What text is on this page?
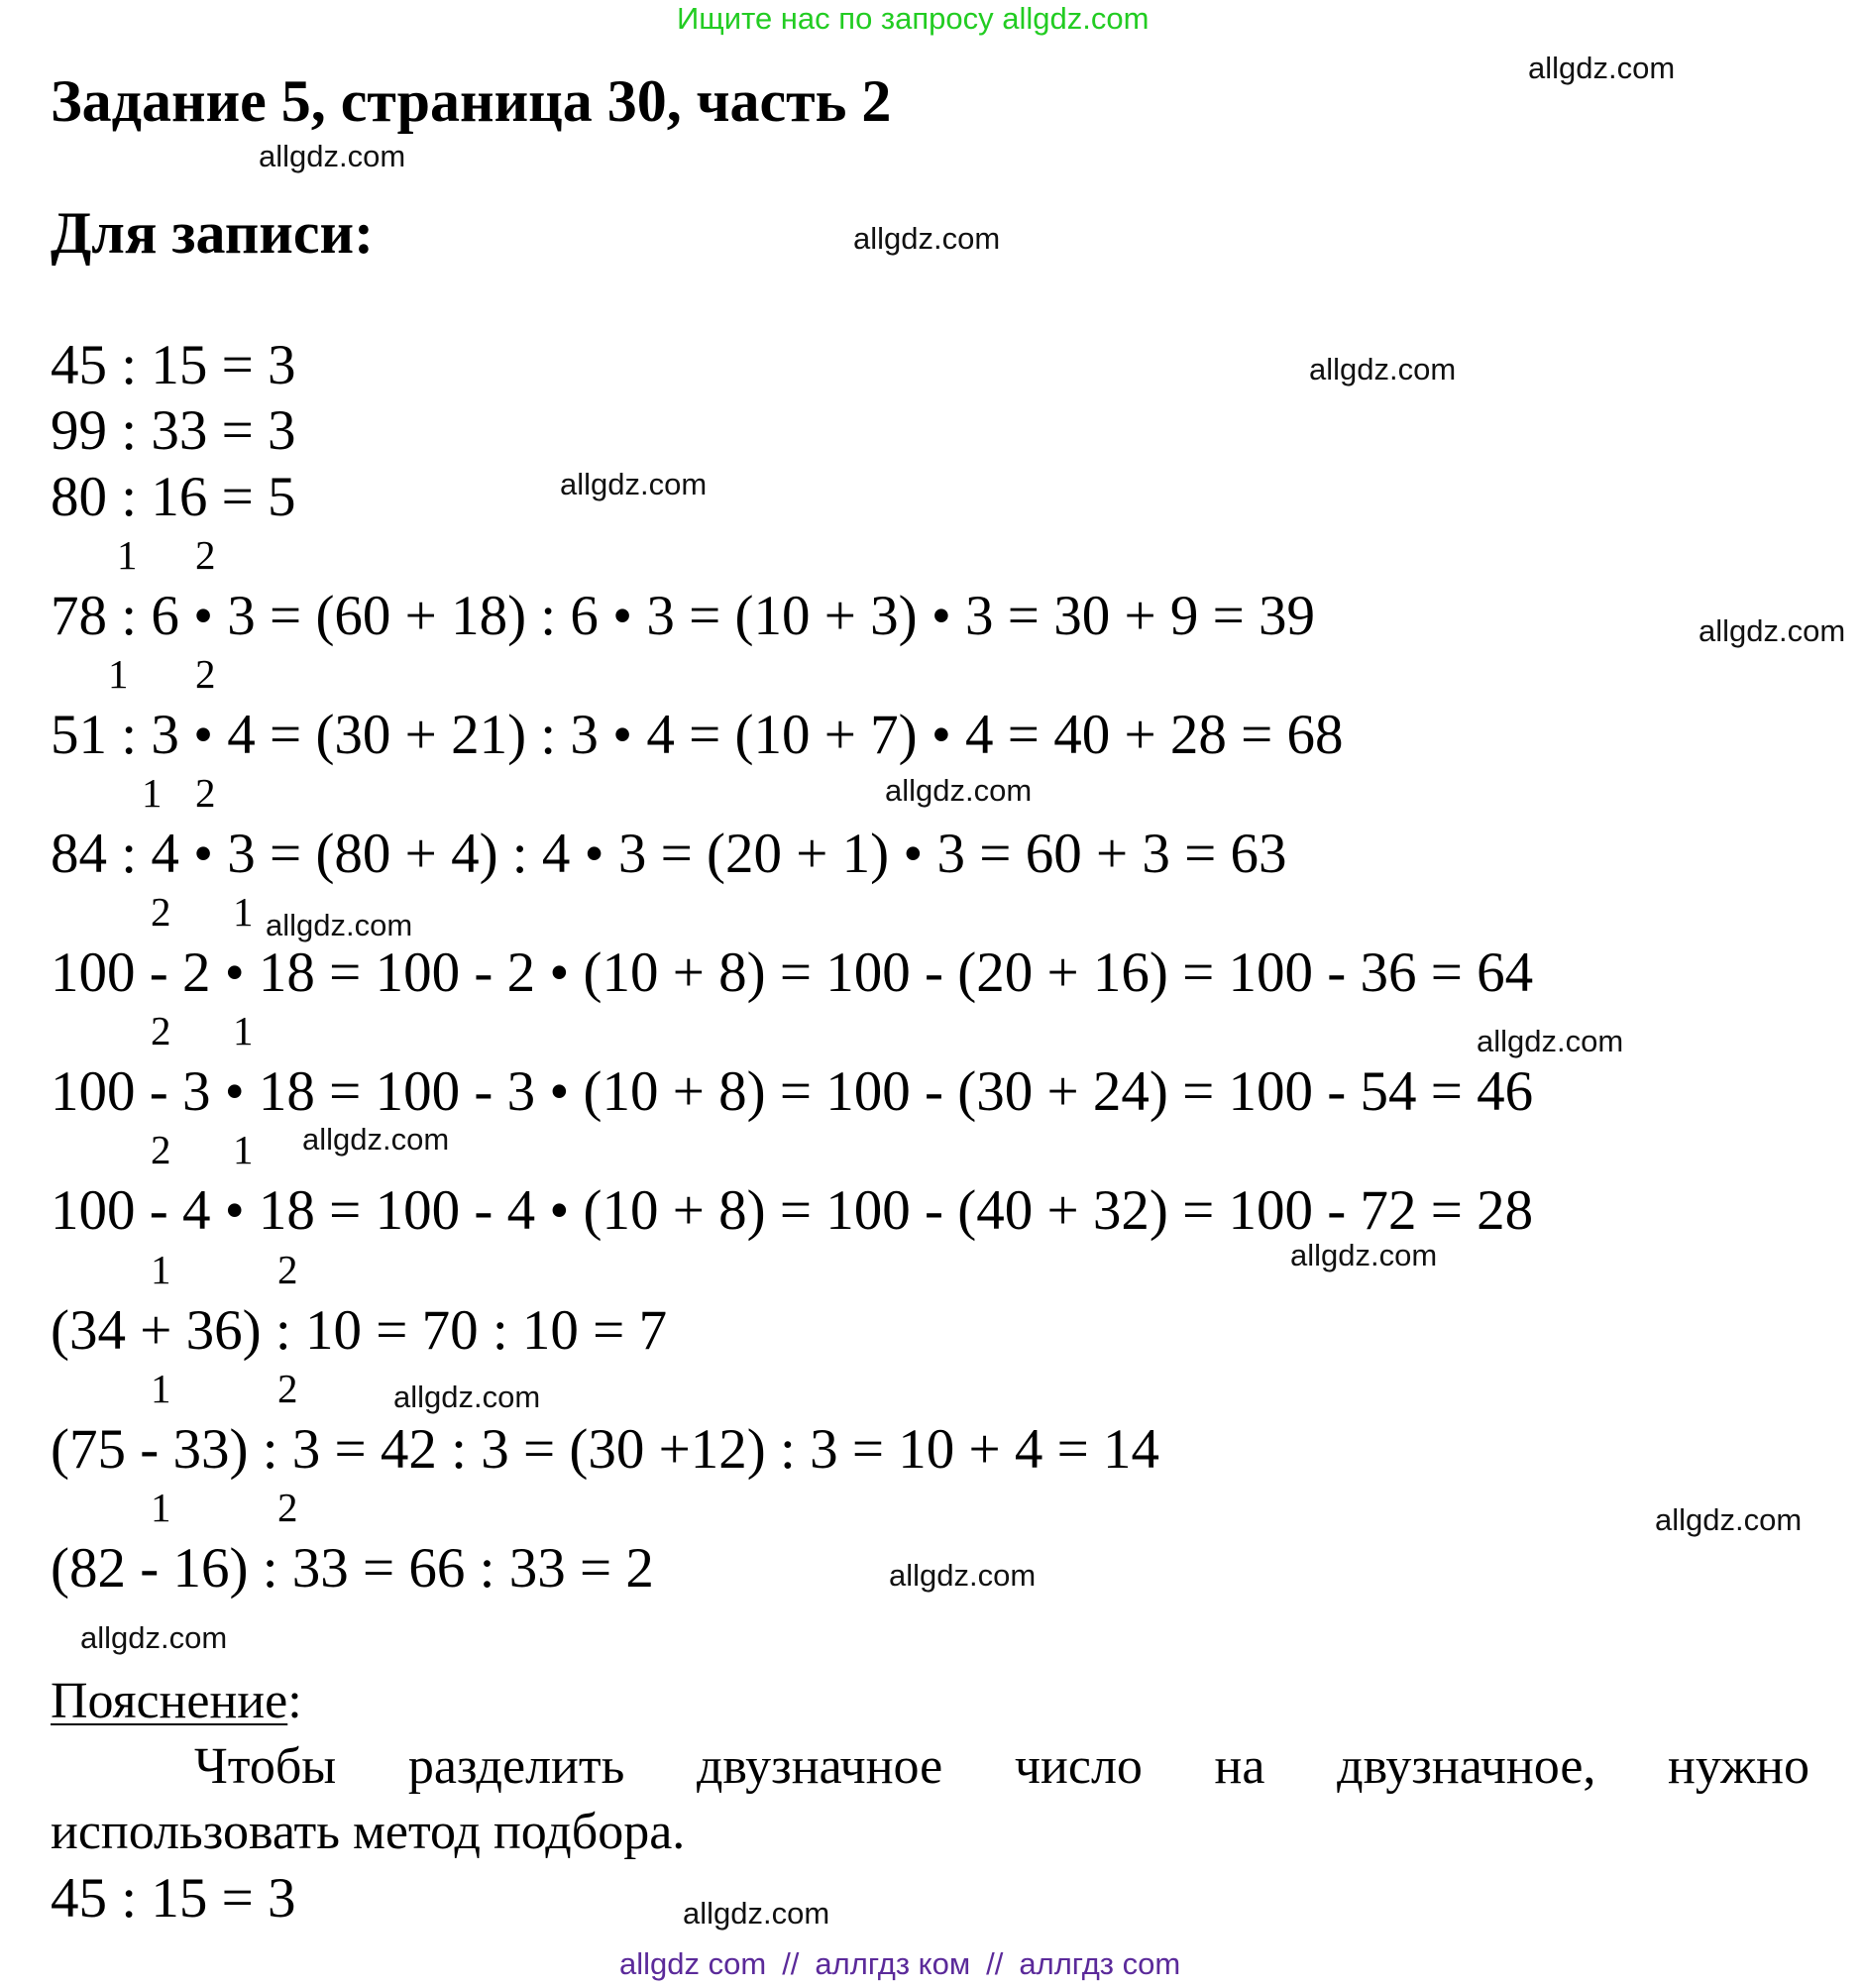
Ищите нас по запросу allgdz.com
Задание 5, страница 30, часть 2
Для записи:
45 : 15 = 3
99 : 33 = 3
80 : 16 = 5
1 2
78 : 6 • 3 = (60 + 18) : 6 • 3 = (10 + 3) • 3 = 30 + 9 = 39
1 2
51 : 3 • 4 = (30 + 21) : 3 • 4 = (10 + 7) • 4 = 40 + 28 = 68
1 2
84 : 4 • 3 = (80 + 4) : 4 • 3 = (20 + 1) • 3 = 60 + 3 = 63
2 1
100 - 2 • 18 = 100 - 2 • (10 + 8) = 100 - (20 + 16) = 100 - 36 = 64
2 1
100 - 3 • 18 = 100 - 3 • (10 + 8) = 100 - (30 + 24) = 100 - 54 = 46
2 1
100 - 4 • 18 = 100 - 4 • (10 + 8) = 100 - (40 + 32) = 100 - 72 = 28
1	2
(34 + 36) : 10 = 70 : 10 = 7
1	2
(75 - 33) : 3 = 42 : 3 = (30 +12) : 3 = 10 + 4 = 14
1	2
(82 - 16) : 33 = 66 : 33 = 2
Пояснение:
Чтобы разделить двузначное число на двузначное, нужно
использовать метод подбора.
45 : 15 = 3
allgdz.com
allgdz.com
allgdz.com
allgdz.com
allgdz.com
allgdz.com
allgdz.com
allgdz.com
allgdz.com
allgdz.com
allgdz.com
allgdz.com
allgdz.com
allgdz.com
allgdz.com
allgdz.com
allgdz com // аллгдз ком // аллгдз com
